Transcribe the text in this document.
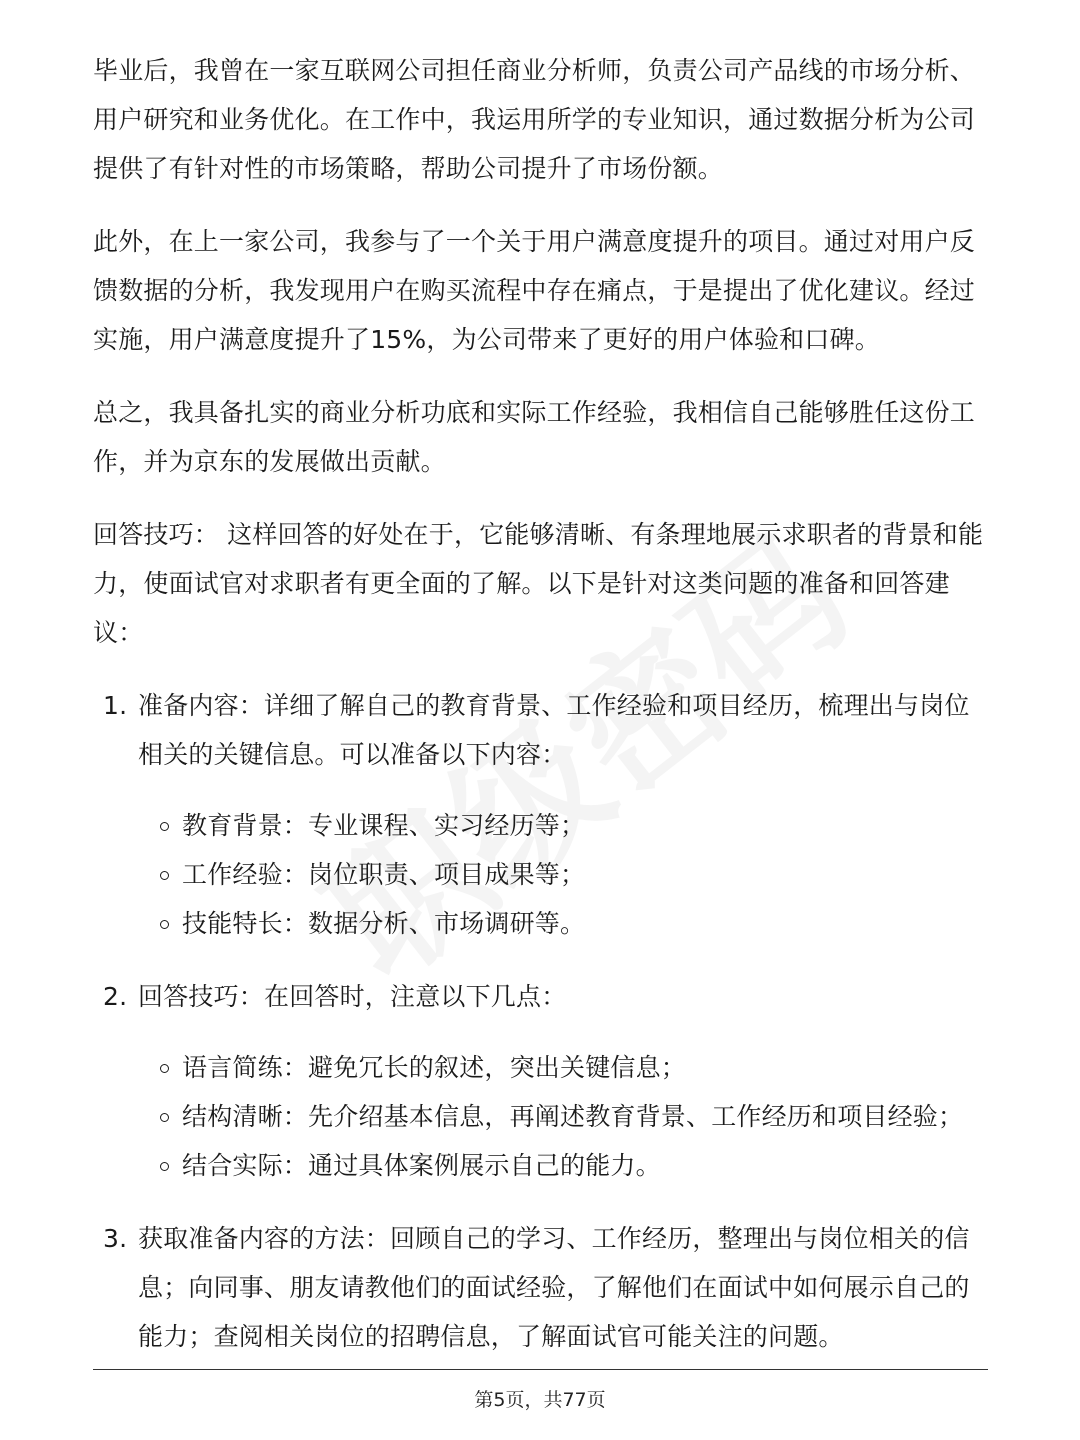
毕业后，我曾在一家互联网公司担任商业分析师，负责公司产品线的市场分析、用户研究和业务优化。在工作中，我运用所学的专业知识，通过数据分析为公司提供了有针对性的市场策略，帮助公司提升了市场份额。

此外，在上一家公司，我参与了一个关于用户满意度提升的项目。通过对用户反馈数据的分析，我发现用户在购买流程中存在痛点，于是提出了优化建议。经过实施，用户满意度提升了15%，为公司带来了更好的用户体验和口碑。

总之，我具备扎实的商业分析功底和实际工作经验，我相信自己能够胜任这份工作，并为京东的发展做出贡献。

回答技巧： 这样回答的好处在于，它能够清晰、有条理地展示求职者的背景和能力，使面试官对求职者有更全面的了解。以下是针对这类问题的准备和回答建议：

1. 准备内容：详细了解自己的教育背景、工作经验和项目经历，梳理出与岗位相关的关键信息。可以准备以下内容：
教育背景：专业课程、实习经历等；
工作经验：岗位职责、项目成果等；
技能特长：数据分析、市场调研等。
2. 回答技巧：在回答时，注意以下几点：
语言简练：避免冗长的叙述，突出关键信息；
结构清晰：先介绍基本信息，再阐述教育背景、工作经历和项目经验；
结合实际：通过具体案例展示自己的能力。
3. 获取准备内容的方法：回顾自己的学习、工作经历，整理出与岗位相关的信息；向同事、朋友请教他们的面试经验，了解他们在面试中如何展示自己的能力；查阅相关岗位的招聘信息，了解面试官可能关注的问题。
第5页，共77页
